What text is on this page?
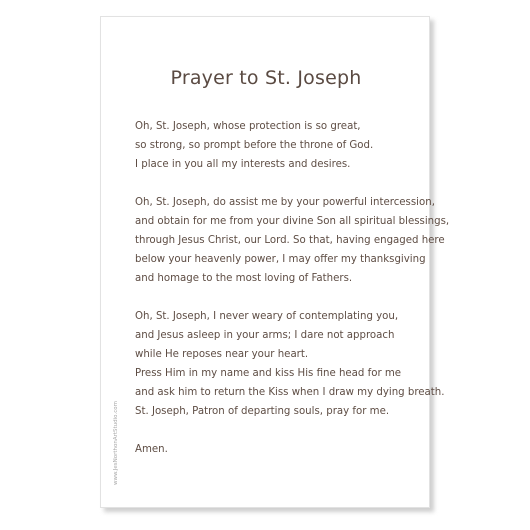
Prayer to St. Joseph
Oh, St. Joseph, whose protection is so great,
so strong, so prompt before the throne of God.
I place in you all my interests and desires.
Oh, St. Joseph, do assist me by your powerful intercession,
and obtain for me from your divine Son all spiritual blessings,
through Jesus Christ, our Lord. So that, having engaged here
below your heavenly power, I may offer my thanksgiving
and homage to the most loving of Fathers.
Oh, St. Joseph, I never weary of contemplating you,
and Jesus asleep in your arms; I dare not approach
while He reposes near your heart.
Press Him in my name and kiss His fine head for me
and ask him to return the Kiss when I draw my dying breath.
St. Joseph, Patron of departing souls, pray for me.
Amen.
www.JesNorthonArtStudio.com
